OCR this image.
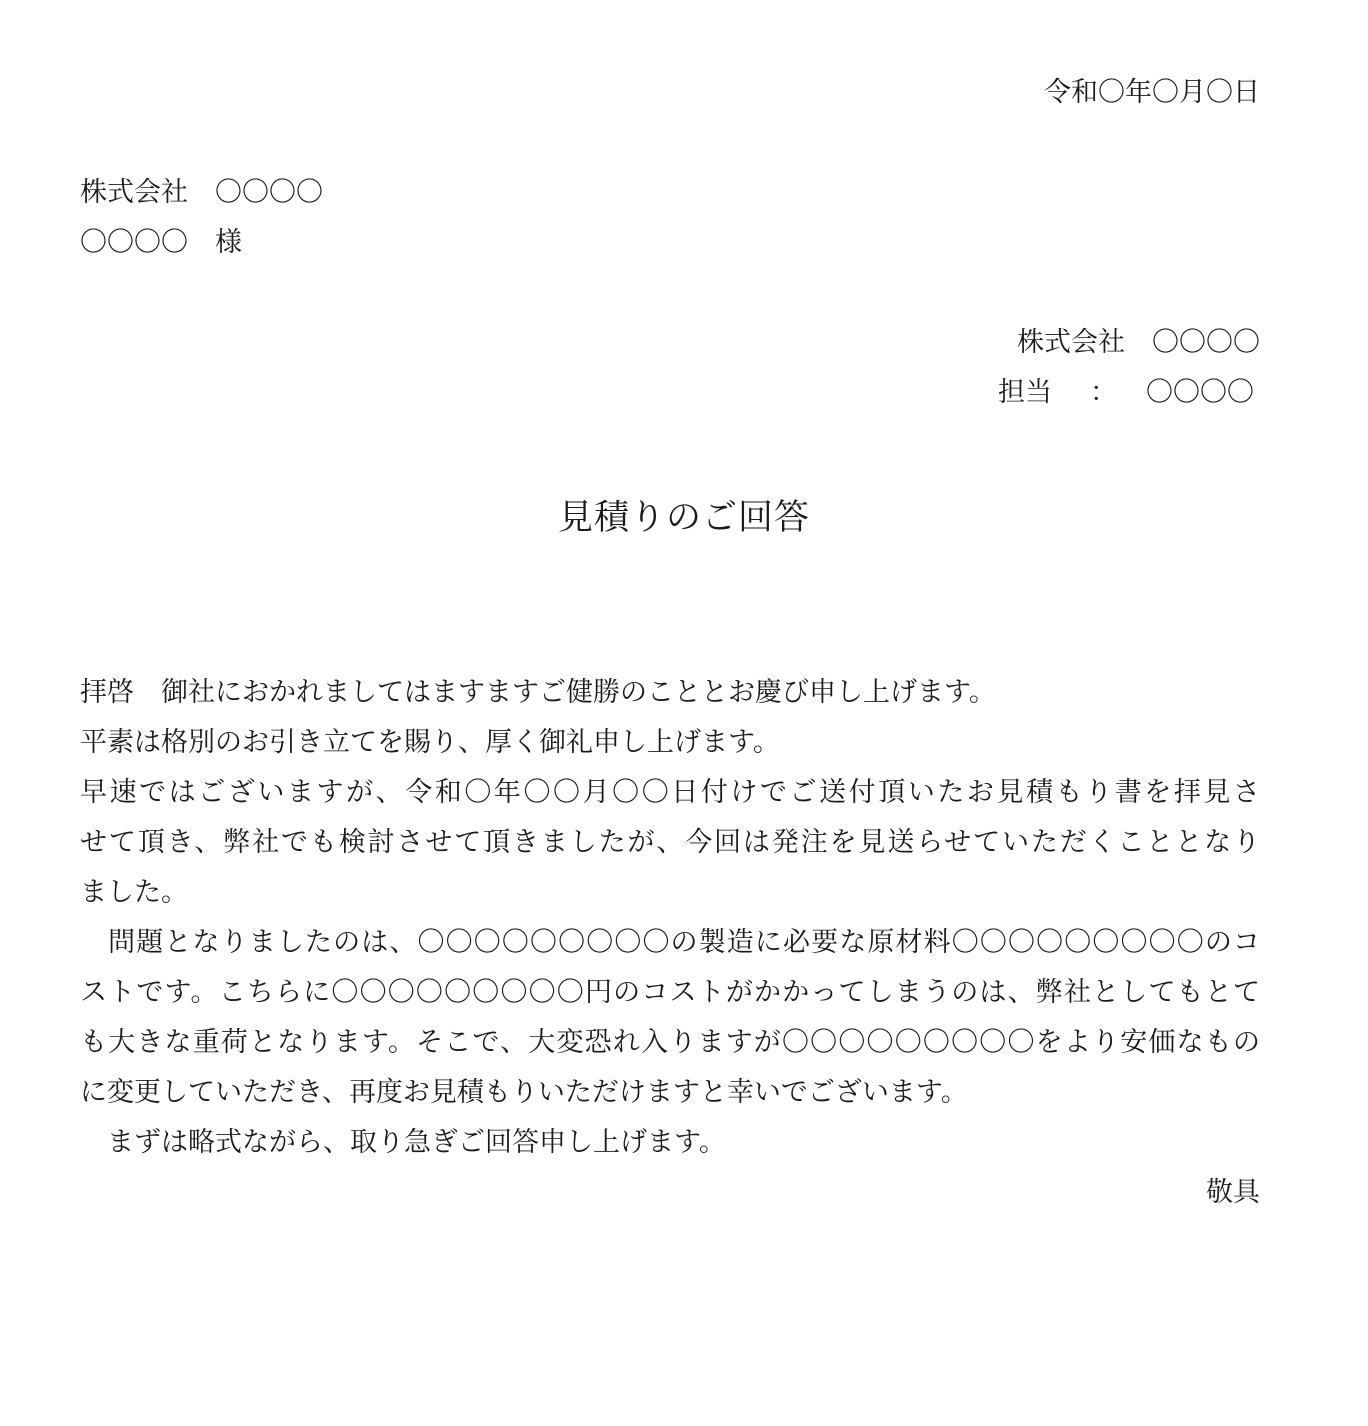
令和〇年〇月〇日
株式会社　〇〇〇〇
〇〇〇〇　様
株式会社　〇〇〇〇
担当 ： 〇〇〇〇
見積りのご回答
拝啓　御社におかれましてはますますご健勝のこととお慶び申し上げます。
平素は格別のお引き立てを賜り、厚く御礼申し上げます。
早速ではございますが、令和〇年〇〇月〇〇日付けでご送付頂いたお見積もり書を拝見さ
せて頂き、弊社でも検討させて頂きましたが、今回は発注を見送らせていただくこととなり
ました。
　問題となりましたのは、〇〇〇〇〇〇〇〇〇の製造に必要な原材料〇〇〇〇〇〇〇〇〇のコ
ストです。こちらに〇〇〇〇〇〇〇〇〇円のコストがかかってしまうのは、弊社としてもとて
も大きな重荷となります。そこで、大変恐れ入りますが〇〇〇〇〇〇〇〇〇をより安価なもの
に変更していただき、再度お見積もりいただけますと幸いでございます。
　まずは略式ながら、取り急ぎご回答申し上げます。
敬具
